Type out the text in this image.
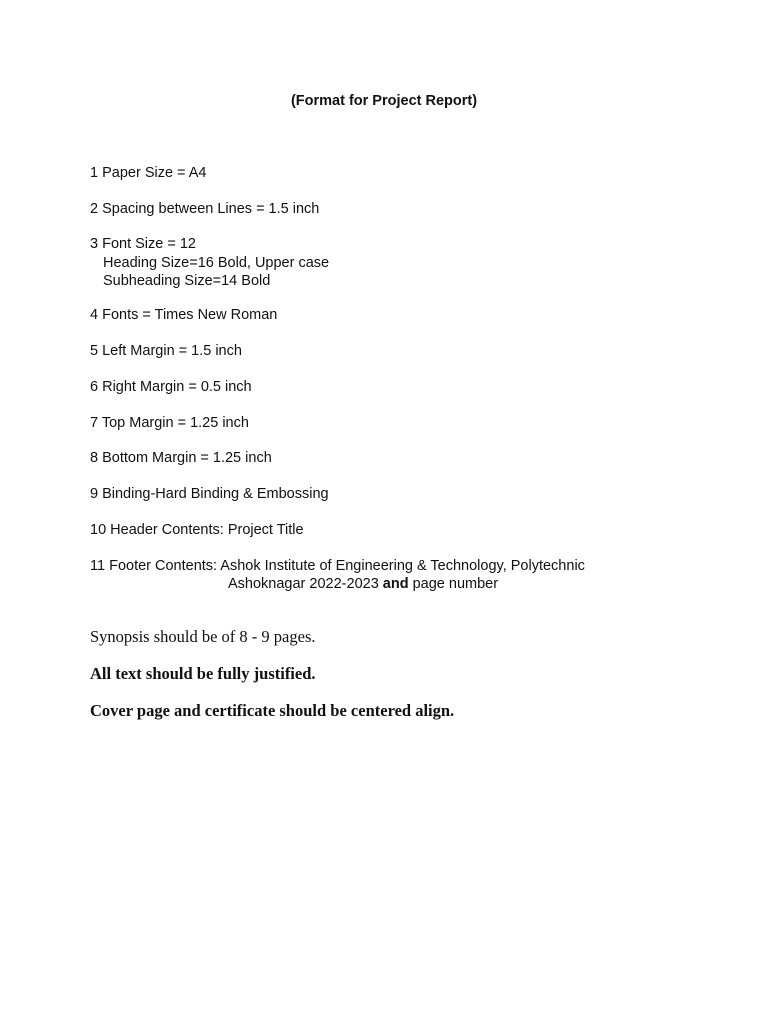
(Format for Project Report)
1 Paper Size = A4
2 Spacing between Lines = 1.5 inch
3 Font Size = 12
Heading Size=16 Bold, Upper case
Subheading Size=14 Bold
4 Fonts = Times New Roman
5 Left Margin = 1.5 inch
6 Right Margin = 0.5 inch
7 Top Margin = 1.25 inch
8 Bottom Margin = 1.25 inch
9 Binding-Hard Binding & Embossing
10 Header Contents: Project Title
11 Footer Contents: Ashok Institute of Engineering & Technology, Polytechnic
Ashoknagar 2022-2023 and page number
Synopsis should be of 8 - 9 pages.
All text should be fully justified.
Cover page and certificate should be centered align.
